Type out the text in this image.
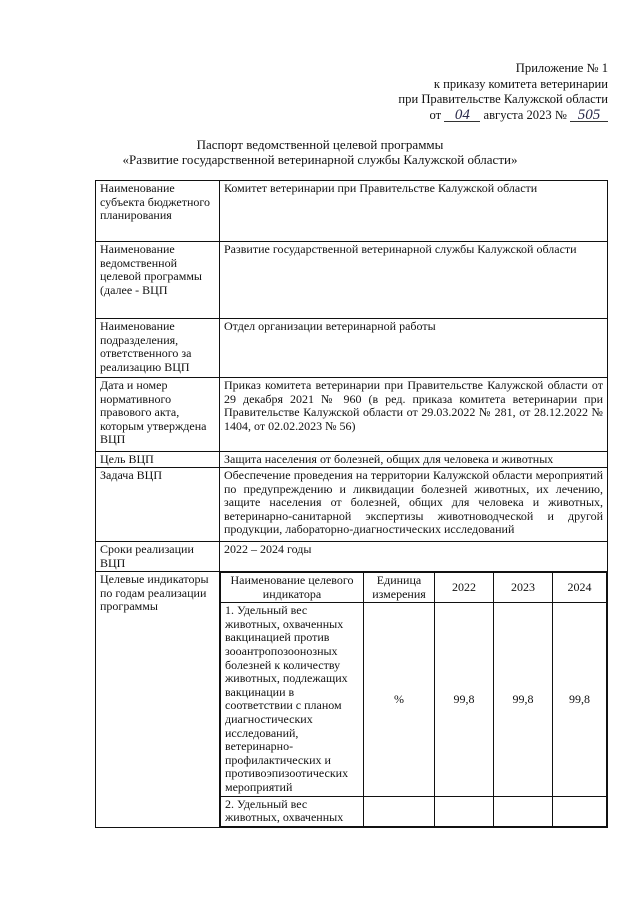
Приложение № 1
к приказу комитета ветеринарии
при Правительстве Калужской области
от 04 августа 2023 № 505
Паспорт ведомственной целевой программы
«Развитие государственной ветеринарной службы Калужской области»
Наименование субъекта бюджетного планирования	Комитет ветеринарии при Правительстве Калужской области
Наименование ведомственной целевой программы (далее - ВЦП	Развитие государственной ветеринарной службы Калужской области
Наименование подразделения, ответственного за реализацию ВЦП	Отдел организации ветеринарной работы
Дата и номер нормативного правового акта, которым утверждена ВЦП	Приказ комитета ветеринарии при Правительстве Калужской области от 29 декабря 2021 № 960 (в ред. приказа комитета ветеринарии при Правительстве Калужской области от 29.03.2022 № 281, от 28.12.2022 № 1404, от 02.02.2023 № 56)
Цель ВЦП	Защита населения от болезней, общих для человека и животных
Задача ВЦП	Обеспечение проведения на территории Калужской области мероприятий по предупреждению и ликвидации болезней животных, их лечению, защите населения от болезней, общих для человека и животных, ветеринарно-санитарной экспертизы животноводческой и другой продукции, лабораторно-диагностических исследований
Сроки реализации ВЦП	2022 – 2024 годы
Целевые индикаторы по годам реализации программы	
Наименование целевого индикатора	Единица измерения	2022	2023	2024
1. Удельный вес животных, охваченных вакцинацией против зооантропозоонозных болезней к количеству животных, подлежащих вакцинации в соответствии с планом диагностических исследований, ветеринарно-профилактических и противоэпизоотических мероприятий	%	99,8	99,8	99,8
2. Удельный вес животных, охваченных				
